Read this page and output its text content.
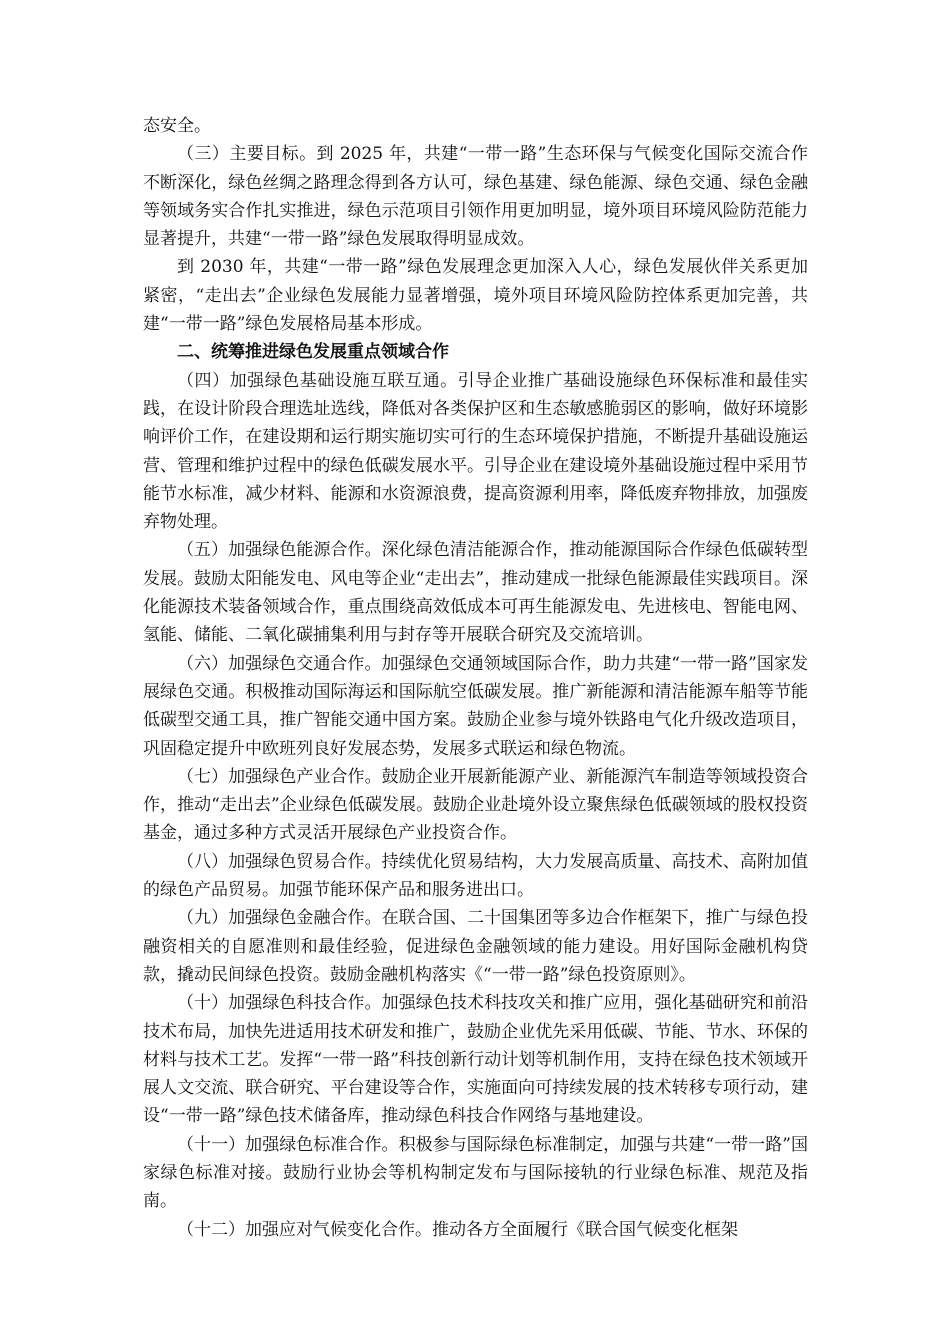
态安全。

（三）主要目标。到 2025 年，共建“一带一路”生态环保与气候变化国际交流合作不断深化，绿色丝绸之路理念得到各方认可，绿色基建、绿色能源、绿色交通、绿色金融等领域务实合作扎实推进，绿色示范项目引领作用更加明显，境外项目环境风险防范能力显著提升，共建“一带一路”绿色发展取得明显成效。

到 2030 年，共建“一带一路”绿色发展理念更加深入人心，绿色发展伙伴关系更加紧密，“走出去”企业绿色发展能力显著增强，境外项目环境风险防控体系更加完善，共建“一带一路”绿色发展格局基本形成。

二、统筹推进绿色发展重点领域合作

（四）加强绿色基础设施互联互通。引导企业推广基础设施绿色环保标准和最佳实践，在设计阶段合理选址选线，降低对各类保护区和生态敏感脆弱区的影响，做好环境影响评价工作，在建设期和运行期实施切实可行的生态环境保护措施，不断提升基础设施运营、管理和维护过程中的绿色低碳发展水平。引导企业在建设境外基础设施过程中采用节能节水标准，减少材料、能源和水资源浪费，提高资源利用率，降低废弃物排放，加强废弃物处理。

（五）加强绿色能源合作。深化绿色清洁能源合作，推动能源国际合作绿色低碳转型发展。鼓励太阳能发电、风电等企业“走出去”，推动建成一批绿色能源最佳实践项目。深化能源技术装备领域合作，重点围绕高效低成本可再生能源发电、先进核电、智能电网、氢能、储能、二氧化碳捕集利用与封存等开展联合研究及交流培训。

（六）加强绿色交通合作。加强绿色交通领域国际合作，助力共建“一带一路”国家发展绿色交通。积极推动国际海运和国际航空低碳发展。推广新能源和清洁能源车船等节能低碳型交通工具，推广智能交通中国方案。鼓励企业参与境外铁路电气化升级改造项目，巩固稳定提升中欧班列良好发展态势，发展多式联运和绿色物流。

（七）加强绿色产业合作。鼓励企业开展新能源产业、新能源汽车制造等领域投资合作，推动“走出去”企业绿色低碳发展。鼓励企业赴境外设立聚焦绿色低碳领域的股权投资基金，通过多种方式灵活开展绿色产业投资合作。

（八）加强绿色贸易合作。持续优化贸易结构，大力发展高质量、高技术、高附加值的绿色产品贸易。加强节能环保产品和服务进出口。

（九）加强绿色金融合作。在联合国、二十国集团等多边合作框架下，推广与绿色投融资相关的自愿准则和最佳经验，促进绿色金融领域的能力建设。用好国际金融机构贷款，撬动民间绿色投资。鼓励金融机构落实《“一带一路”绿色投资原则》。

（十）加强绿色科技合作。加强绿色技术科技攻关和推广应用，强化基础研究和前沿技术布局，加快先进适用技术研发和推广，鼓励企业优先采用低碳、节能、节水、环保的材料与技术工艺。发挥“一带一路”科技创新行动计划等机制作用，支持在绿色技术领域开展人文交流、联合研究、平台建设等合作，实施面向可持续发展的技术转移专项行动，建设“一带一路”绿色技术储备库，推动绿色科技合作网络与基地建设。

（十一）加强绿色标准合作。积极参与国际绿色标准制定，加强与共建“一带一路”国家绿色标准对接。鼓励行业协会等机构制定发布与国际接轨的行业绿色标准、规范及指南。

（十二）加强应对气候变化合作。推动各方全面履行《联合国气候变化框架
